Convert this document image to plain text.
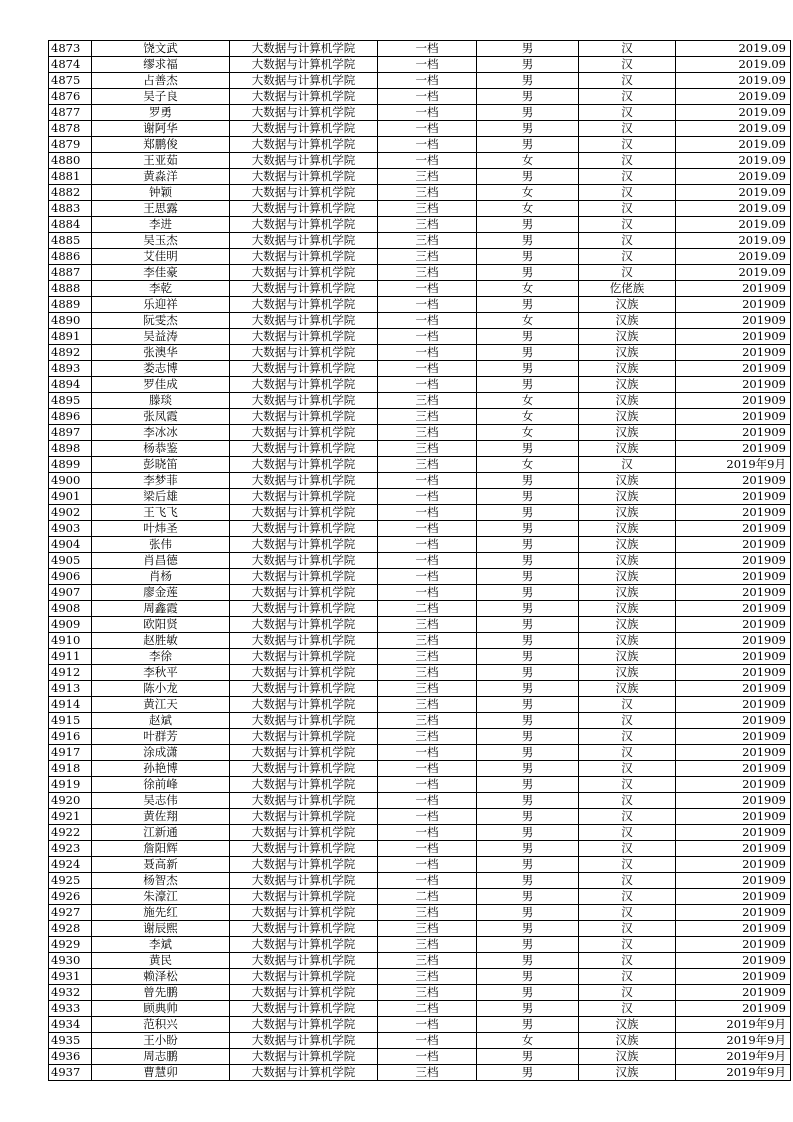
4873	饶文武	大数据与计算机学院	一档	男	汉	2019.09
4874	缪求福	大数据与计算机学院	一档	男	汉	2019.09
4875	占善杰	大数据与计算机学院	一档	男	汉	2019.09
4876	吴子良	大数据与计算机学院	一档	男	汉	2019.09
4877	罗勇	大数据与计算机学院	一档	男	汉	2019.09
4878	谢阿华	大数据与计算机学院	一档	男	汉	2019.09
4879	郑鹏俊	大数据与计算机学院	一档	男	汉	2019.09
4880	王亚茹	大数据与计算机学院	一档	女	汉	2019.09
4881	黄淼洋	大数据与计算机学院	三档	男	汉	2019.09
4882	钟颖	大数据与计算机学院	三档	女	汉	2019.09
4883	王思露	大数据与计算机学院	三档	女	汉	2019.09
4884	李进	大数据与计算机学院	三档	男	汉	2019.09
4885	吴玉杰	大数据与计算机学院	三档	男	汉	2019.09
4886	艾佳明	大数据与计算机学院	三档	男	汉	2019.09
4887	李佳豪	大数据与计算机学院	三档	男	汉	2019.09
4888	李乾	大数据与计算机学院	一档	女	仡佬族	201909
4889	乐迎祥	大数据与计算机学院	一档	男	汉族	201909
4890	阮雯杰	大数据与计算机学院	一档	女	汉族	201909
4891	吴益涛	大数据与计算机学院	一档	男	汉族	201909
4892	张澳华	大数据与计算机学院	一档	男	汉族	201909
4893	娄志博	大数据与计算机学院	一档	男	汉族	201909
4894	罗佳成	大数据与计算机学院	一档	男	汉族	201909
4895	滕琰	大数据与计算机学院	三档	女	汉族	201909
4896	张凤霞	大数据与计算机学院	三档	女	汉族	201909
4897	李冰冰	大数据与计算机学院	三档	女	汉族	201909
4898	杨恭鉴	大数据与计算机学院	三档	男	汉族	201909
4899	彭晓笛	大数据与计算机学院	三档	女	汉	2019年9月
4900	李梦菲	大数据与计算机学院	一档	男	汉族	201909
4901	梁后雄	大数据与计算机学院	一档	男	汉族	201909
4902	王飞飞	大数据与计算机学院	一档	男	汉族	201909
4903	叶炜圣	大数据与计算机学院	一档	男	汉族	201909
4904	张伟	大数据与计算机学院	一档	男	汉族	201909
4905	肖昌德	大数据与计算机学院	一档	男	汉族	201909
4906	肖杨	大数据与计算机学院	一档	男	汉族	201909
4907	廖金莲	大数据与计算机学院	一档	男	汉族	201909
4908	周鑫霞	大数据与计算机学院	二档	男	汉族	201909
4909	欧阳贤	大数据与计算机学院	三档	男	汉族	201909
4910	赵胜敏	大数据与计算机学院	三档	男	汉族	201909
4911	李徐	大数据与计算机学院	三档	男	汉族	201909
4912	李秋平	大数据与计算机学院	三档	男	汉族	201909
4913	陈小龙	大数据与计算机学院	三档	男	汉族	201909
4914	黄江天	大数据与计算机学院	三档	男	汉	201909
4915	赵斌	大数据与计算机学院	三档	男	汉	201909
4916	叶群芳	大数据与计算机学院	三档	男	汉	201909
4917	涂成潇	大数据与计算机学院	一档	男	汉	201909
4918	孙艳博	大数据与计算机学院	一档	男	汉	201909
4919	徐前峰	大数据与计算机学院	一档	男	汉	201909
4920	吴志伟	大数据与计算机学院	一档	男	汉	201909
4921	黄佐翔	大数据与计算机学院	一档	男	汉	201909
4922	江新通	大数据与计算机学院	一档	男	汉	201909
4923	詹阳辉	大数据与计算机学院	一档	男	汉	201909
4924	聂高新	大数据与计算机学院	一档	男	汉	201909
4925	杨智杰	大数据与计算机学院	一档	男	汉	201909
4926	朱濠江	大数据与计算机学院	二档	男	汉	201909
4927	施先红	大数据与计算机学院	三档	男	汉	201909
4928	谢辰熙	大数据与计算机学院	三档	男	汉	201909
4929	李斌	大数据与计算机学院	三档	男	汉	201909
4930	黄民	大数据与计算机学院	三档	男	汉	201909
4931	赖泽松	大数据与计算机学院	三档	男	汉	201909
4932	曾先鹏	大数据与计算机学院	三档	男	汉	201909
4933	顾典帅	大数据与计算机学院	二档	男	汉	201909
4934	范积兴	大数据与计算机学院	一档	男	汉族	2019年9月
4935	王小盼	大数据与计算机学院	一档	女	汉族	2019年9月
4936	周志鹏	大数据与计算机学院	一档	男	汉族	2019年9月
4937	曹慧卯	大数据与计算机学院	三档	男	汉族	2019年9月
